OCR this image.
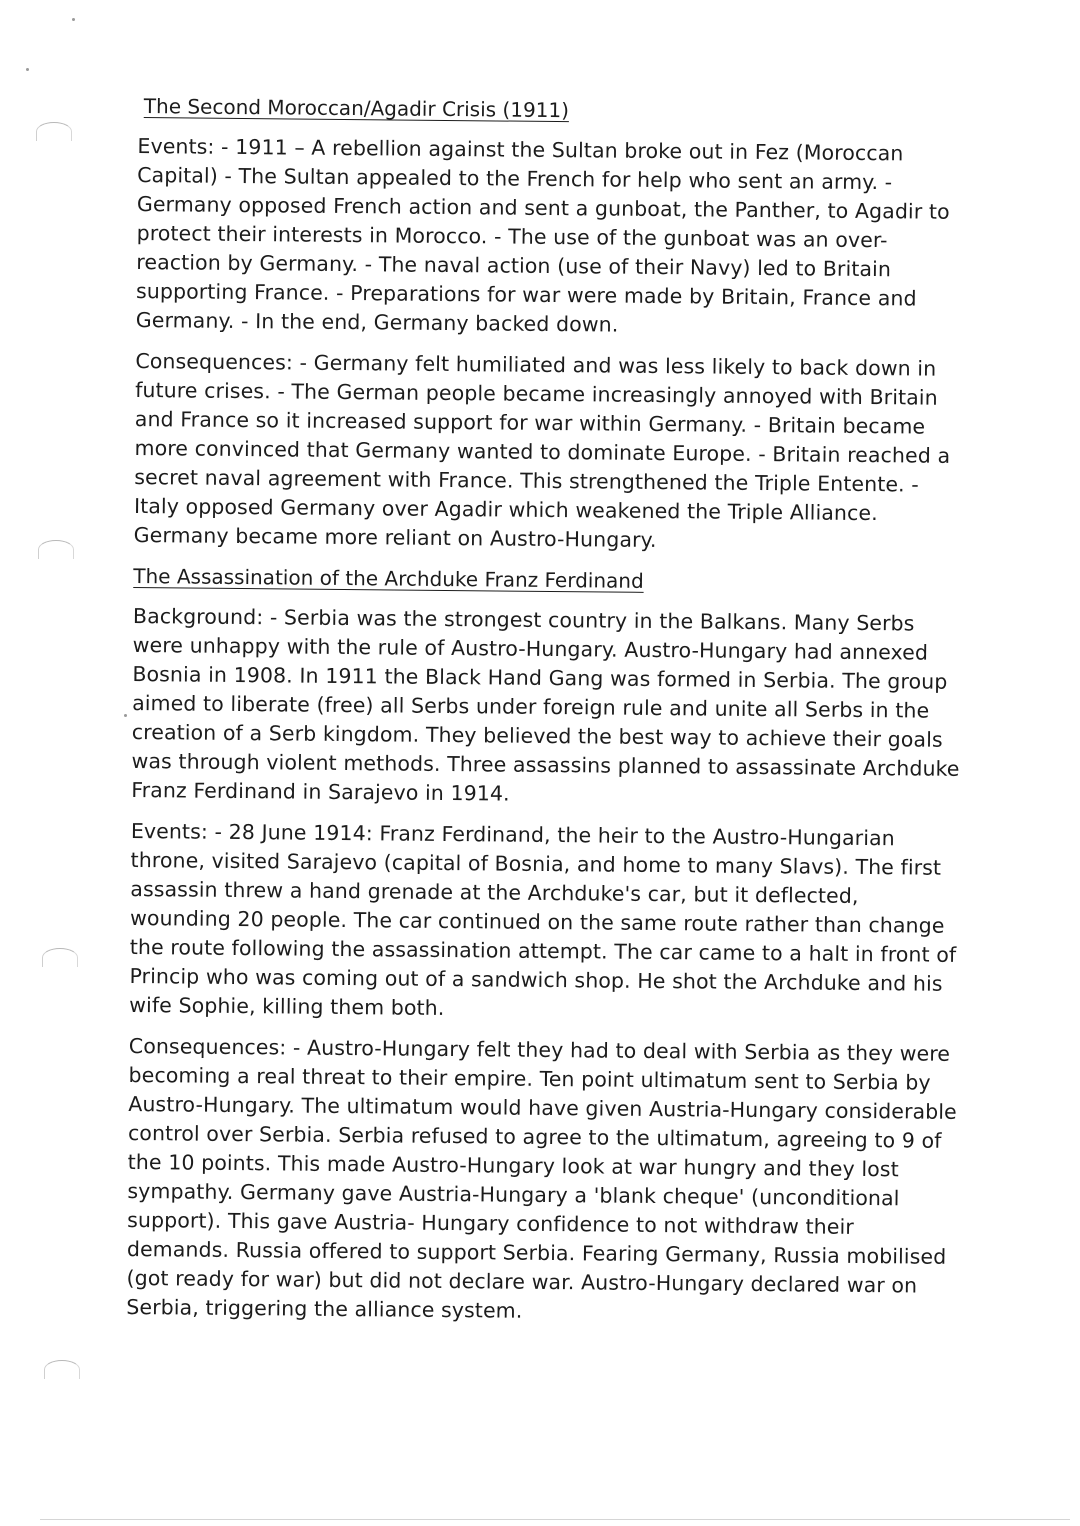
The Second Moroccan/Agadir Crisis (1911)

Events: - 1911 – A rebellion against the Sultan broke out in Fez (Moroccan Capital) - The Sultan appealed to the French for help who sent an army. - Germany opposed French action and sent a gunboat, the Panther, to Agadir to protect their interests in Morocco. - The use of the gunboat was an over-reaction by Germany. - The naval action (use of their Navy) led to Britain supporting France. - Preparations for war were made by Britain, France and Germany. - In the end, Germany backed down.

Consequences: - Germany felt humiliated and was less likely to back down in future crises. - The German people became increasingly annoyed with Britain and France so it increased support for war within Germany. - Britain became more convinced that Germany wanted to dominate Europe. - Britain reached a secret naval agreement with France. This strengthened the Triple Entente. - Italy opposed Germany over Agadir which weakened the Triple Alliance. Germany became more reliant on Austro-Hungary.

The Assassination of the Archduke Franz Ferdinand

Background: - Serbia was the strongest country in the Balkans. Many Serbs were unhappy with the rule of Austro-Hungary. Austro-Hungary had annexed Bosnia in 1908. In 1911 the Black Hand Gang was formed in Serbia. The group aimed to liberate (free) all Serbs under foreign rule and unite all Serbs in the creation of a Serb kingdom. They believed the best way to achieve their goals was through violent methods. Three assassins planned to assassinate Archduke Franz Ferdinand in Sarajevo in 1914.

Events: - 28 June 1914: Franz Ferdinand, the heir to the Austro-Hungarian throne, visited Sarajevo (capital of Bosnia, and home to many Slavs). The first assassin threw a hand grenade at the Archduke's car, but it deflected, wounding 20 people. The car continued on the same route rather than change the route following the assassination attempt. The car came to a halt in front of Princip who was coming out of a sandwich shop. He shot the Archduke and his wife Sophie, killing them both.

Consequences: - Austro-Hungary felt they had to deal with Serbia as they were becoming a real threat to their empire. Ten point ultimatum sent to Serbia by Austro-Hungary. The ultimatum would have given Austria-Hungary considerable control over Serbia. Serbia refused to agree to the ultimatum, agreeing to 9 of the 10 points. This made Austro-Hungary look at war hungry and they lost sympathy. Germany gave Austria-Hungary a 'blank cheque' (unconditional support). This gave Austria- Hungary confidence to not withdraw their demands. Russia offered to support Serbia. Fearing Germany, Russia mobilised (got ready for war) but did not declare war. Austro-Hungary declared war on Serbia, triggering the alliance system.
